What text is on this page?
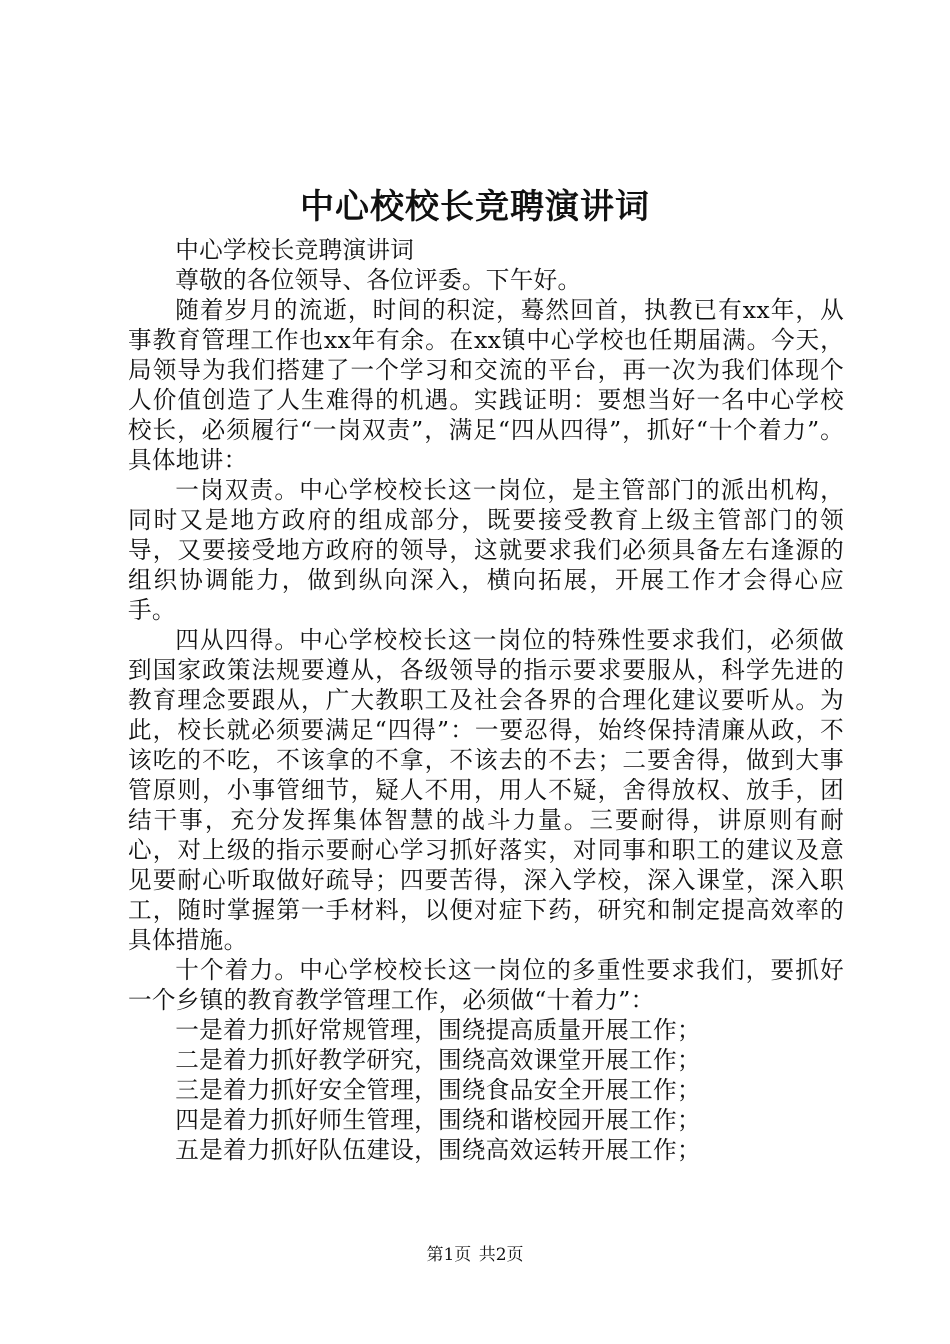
中心校校长竞聘演讲词

中心学校长竞聘演讲词

尊敬的各位领导、各位评委。下午好。

随着岁月的流逝，时间的积淀，蓦然回首，执教已有xx年，从事教育管理工作也xx年有余。在xx镇中心学校也任期届满。今天，局领导为我们搭建了一个学习和交流的平台，再一次为我们体现个人价值创造了人生难得的机遇。实践证明：要想当好一名中心学校校长，必须履行“一岗双责”，满足“四从四得”，抓好“十个着力”。具体地讲：

一岗双责。中心学校校长这一岗位，是主管部门的派出机构，同时又是地方政府的组成部分，既要接受教育上级主管部门的领导，又要接受地方政府的领导，这就要求我们必须具备左右逢源的组织协调能力，做到纵向深入，横向拓展，开展工作才会得心应手。

四从四得。中心学校校长这一岗位的特殊性要求我们，必须做到国家政策法规要遵从，各级领导的指示要求要服从，科学先进的教育理念要跟从，广大教职工及社会各界的合理化建议要听从。为此，校长就必须要满足“四得”：一要忍得，始终保持清廉从政，不该吃的不吃，不该拿的不拿，不该去的不去；二要舍得，做到大事管原则，小事管细节，疑人不用，用人不疑，舍得放权、放手，团结干事，充分发挥集体智慧的战斗力量。三要耐得，讲原则有耐心，对上级的指示要耐心学习抓好落实，对同事和职工的建议及意见要耐心听取做好疏导；四要苦得，深入学校，深入课堂，深入职工，随时掌握第一手材料，以便对症下药，研究和制定提高效率的具体措施。

十个着力。中心学校校长这一岗位的多重性要求我们，要抓好一个乡镇的教育教学管理工作，必须做“十着力”：

一是着力抓好常规管理，围绕提高质量开展工作；

二是着力抓好教学研究，围绕高效课堂开展工作；

三是着力抓好安全管理，围绕食品安全开展工作；

四是着力抓好师生管理，围绕和谐校园开展工作；

五是着力抓好队伍建设，围绕高效运转开展工作；

第1页 共2页
